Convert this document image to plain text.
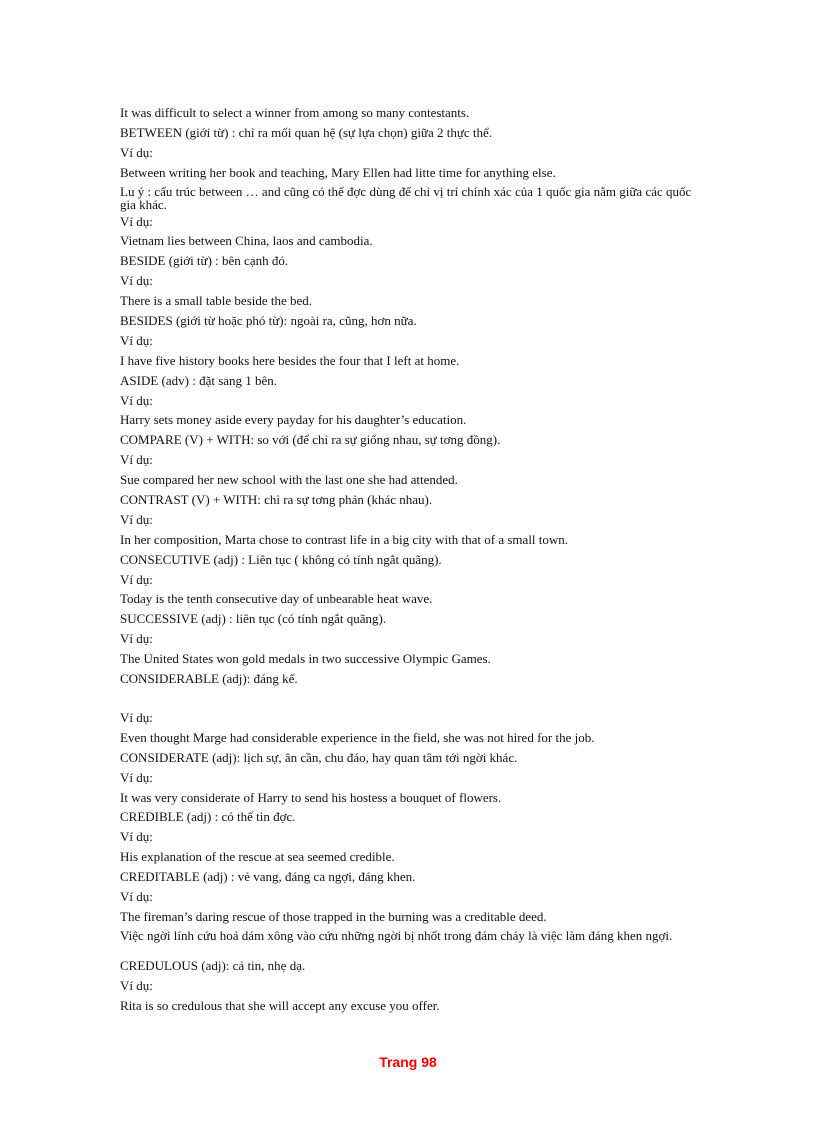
It was difficult to select a winner from among so many contestants.
BETWEEN (giới từ) : chỉ ra mối quan hệ (sự lựa chọn) giữa 2 thực thể.
Ví dụ:
Between writing her book and teaching, Mary Ellen had litte time for anything else.
Lu ý : cấu trúc between … and cũng có thể đợc dùng để chỉ vị trí chính xác của 1 quốc gia nằm giữa các quốc gia khác.
Ví dụ:
Vietnam lies between China, laos and cambodia.
BESIDE (giới từ) : bên cạnh đó.
Ví dụ:
There is a small table beside the bed.
BESIDES (giới từ hoặc phó từ): ngoài ra, cũng, hơn nữa.
Ví dụ:
I have five history books here besides the four that I left at home.
ASIDE (adv) : đặt sang 1 bên.
Ví dụ:
Harry sets money aside every payday for his daughter’s education.
COMPARE (V) + WITH: so với (để chỉ ra sự giống nhau, sự tơng đồng).
Ví dụ:
Sue compared her new school with the last one she had attended.
CONTRAST (V) + WITH: chỉ ra sự tơng phản (khác nhau).
Ví dụ:
In her composition, Marta chose to contrast life in a big city with that of a small town.
CONSECUTIVE (adj) : Liên tục ( không có tính ngắt quãng).
Ví dụ:
Today is the tenth consecutive day of unbearable heat wave.
SUCCESSIVE (adj) : liên tục (có tính ngắt quãng).
Ví dụ:
The United States won gold medals in two successive Olympic Games.
CONSIDERABLE (adj): đáng kể.
Ví dụ:
Even thought Marge had considerable experience in the field, she was not hired for the job.
CONSIDERATE (adj): lịch sự, ân cần, chu đáo, hay quan tâm tới ngời khác.
Ví dụ:
It was very considerate of Harry to send his hostess a bouquet of flowers.
CREDIBLE (adj) : có thể tin đợc.
Ví dụ:
His explanation of the rescue at sea seemed credible.
CREDITABLE (adj) : vẻ vang, đáng ca ngợi, đáng khen.
Ví dụ:
The fireman’s daring rescue of those trapped in the burning was a creditable deed.
Việc ngời lính cứu hoả dám xông vào cứu những ngời bị nhốt trong đám cháy là việc làm đáng khen ngợi.
CREDULOUS (adj): cả tin, nhẹ dạ.
Ví dụ:
Rita is so credulous that she will accept any excuse you offer.
Trang 98
